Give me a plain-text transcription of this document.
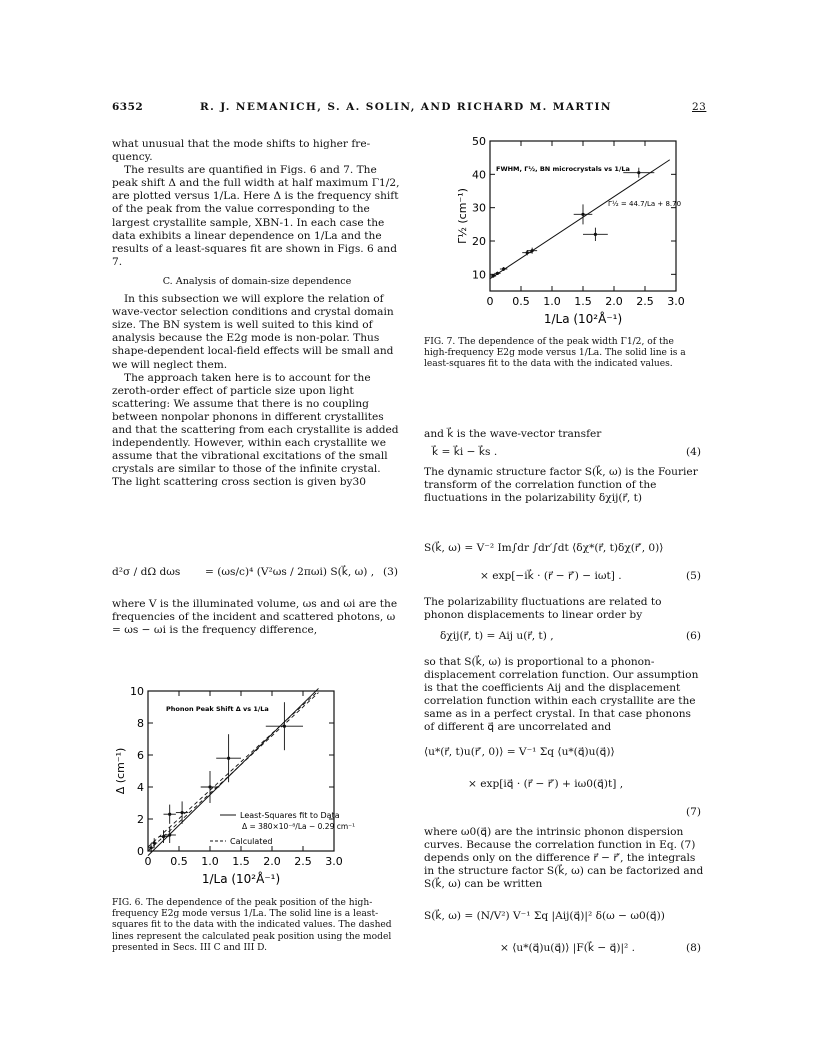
6352	R. J. NEMANICH, S. A. SOLIN, AND RICHARD M. MARTIN	23

what unusual that the mode shifts to higher fre-quency.

The results are quantified in Figs. 6 and 7. The peak shift Δ and the full width at half maximum Γ1/2, are plotted versus 1/La. Here Δ is the frequency shift of the peak from the value corresponding to the largest crystallite sample, XBN-1. In each case the data exhibits a linear dependence on 1/La and the results of a least-squares fit are shown in Figs. 6 and 7.

C. Analysis of domain-size dependence

In this subsection we will explore the relation of wave-vector selection conditions and crystal domain size. The BN system is well suited to this kind of analysis because the E2g mode is non-polar. Thus shape-dependent local-field effects will be small and we will neglect them.

The approach taken here is to account for the zeroth-order effect of particle size upon light scattering: We assume that there is no coupling between nonpolar phonons in different crystallites and that the scattering from each crystallite is added independently. However, within each crystallite we assume that the vibrational excitations of the small crystals are similar to those of the infinite crystal. The light scattering cross section is given by30

d²σ / dΩ dωs = (ωs/c)⁴ (V²ωs / 2πωi) S(k⃗, ω) , (3)
where V is the illuminated volume, ωs and ωi are the frequencies of the incident and scattered photons, ω = ωs − ωi is the frequency difference,
0 0.5 1.0 1.5 2.0 2.5 3.0
0
2
4
6
8
10
1/La (10²Å⁻¹)
Δ (cm⁻¹)
Phonon Peak Shift Δ vs 1/La
Least-Squares fit to Data
Δ = 380×10⁻⁸/La − 0.29 cm⁻¹
Calculated
FIG. 6. The dependence of the peak position of the high-frequency E2g mode versus 1/La. The solid line is a least-squares fit to the data with the indicated values. The dashed lines represent the calculated peak position using the model presented in Secs. III C and III D.
0 0.5 1.0 1.5 2.0 2.5 3.0
10
20
30
40
50
1/La (10²Å⁻¹)
Γ½ (cm⁻¹)
FWHM, Γ½, BN microcrystals vs 1/La
Γ½ = 44.7/La + 8.70
FIG. 7. The dependence of the peak width Γ1/2, of the high-frequency E2g mode versus 1/La. The solid line is a least-squares fit to the data with the indicated values.
and k⃗ is the wave-vector transfer
k⃗ = k⃗i − k⃗s .	(4)
The dynamic structure factor S(k⃗, ω) is the Fourier transform of the correlation function of the fluctuations in the polarizability δχij(r⃗, t)
S(k⃗, ω) = V⁻² Im∫dr ∫dr′∫dt ⟨δχ*(r⃗, t)δχ(r⃗′, 0)⟩
× exp[−ik⃗ · (r⃗ − r⃗′) − iωt] .	(5)
The polarizability fluctuations are related to phonon displacements to linear order by
δχij(r⃗, t) = Aij u(r⃗, t) ,	(6)
so that S(k⃗, ω) is proportional to a phonon-displacement correlation function. Our assumption is that the coefficients Aij and the displacement correlation function within each crystallite are the same as in a perfect crystal. In that case phonons of different q⃗ are uncorrelated and
⟨u*(r⃗, t)u(r⃗′, 0)⟩ = V⁻¹ Σq ⟨u*(q⃗)u(q⃗)⟩
× exp[iq⃗ · (r⃗ − r⃗′) + iω0(q⃗)t] ,
(7)
where ω0(q⃗) are the intrinsic phonon dispersion curves. Because the correlation function in Eq. (7) depends only on the difference r⃗ − r⃗′, the integrals in the structure factor S(k⃗, ω) can be factorized and S(k⃗, ω) can be written
S(k⃗, ω) = (N/V²) V⁻¹ Σq |Aij(q⃗)|² δ(ω − ω0(q⃗))
× ⟨u*(q⃗)u(q⃗)⟩ |F(k⃗ − q⃗)|² .	(8)
